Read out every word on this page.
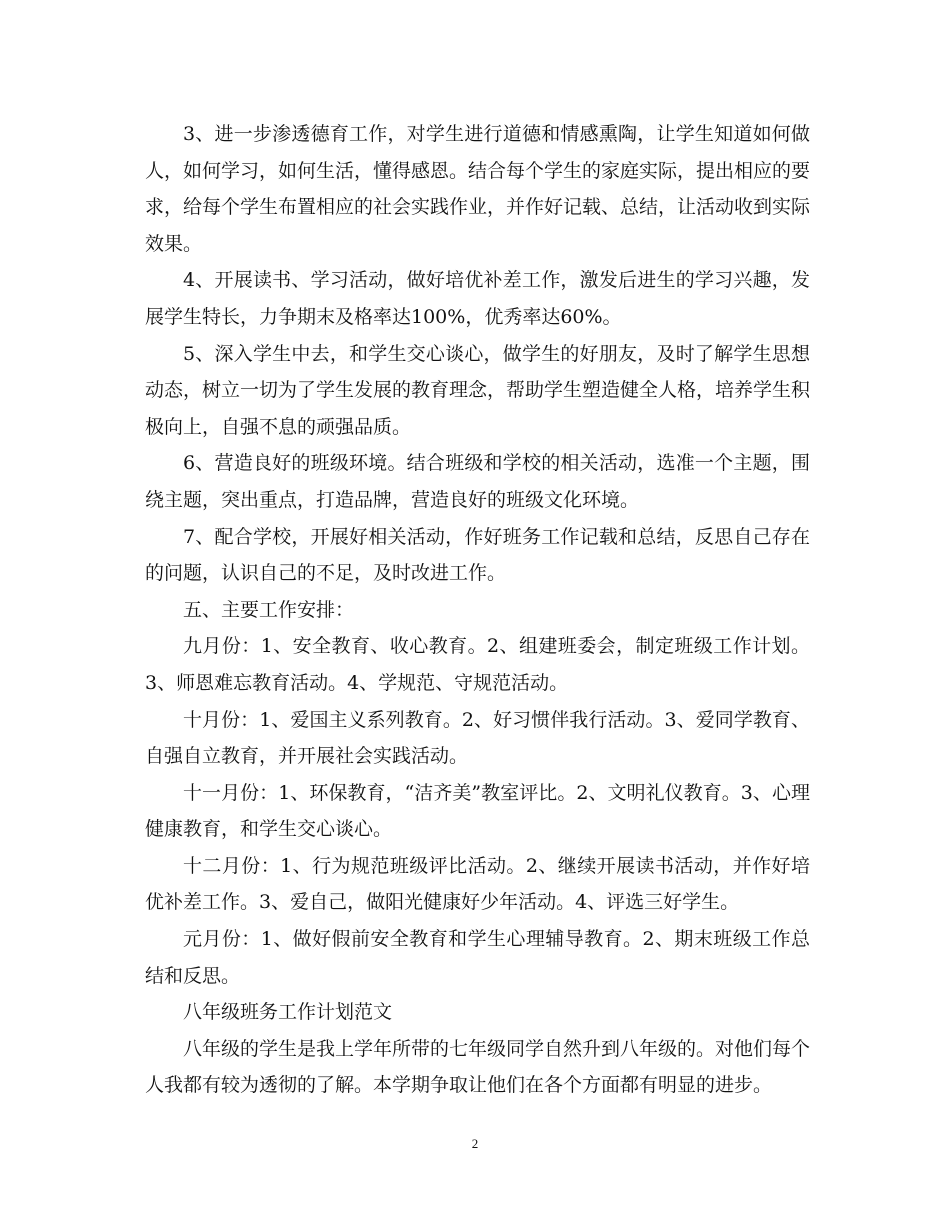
3、进一步渗透德育工作，对学生进行道德和情感熏陶，让学生知道如何做人，如何学习，如何生活，懂得感恩。结合每个学生的家庭实际，提出相应的要求，给每个学生布置相应的社会实践作业，并作好记载、总结，让活动收到实际效果。

4、开展读书、学习活动，做好培优补差工作，激发后进生的学习兴趣，发展学生特长，力争期末及格率达100%，优秀率达60%。

5、深入学生中去，和学生交心谈心，做学生的好朋友，及时了解学生思想动态，树立一切为了学生发展的教育理念，帮助学生塑造健全人格，培养学生积极向上，自强不息的顽强品质。

6、营造良好的班级环境。结合班级和学校的相关活动，选准一个主题，围绕主题，突出重点，打造品牌，营造良好的班级文化环境。

7、配合学校，开展好相关活动，作好班务工作记载和总结，反思自己存在的问题，认识自己的不足，及时改进工作。

五、主要工作安排：

九月份：1、安全教育、收心教育。2、组建班委会，制定班级工作计划。3、师恩难忘教育活动。4、学规范、守规范活动。

十月份：1、爱国主义系列教育。2、好习惯伴我行活动。3、爱同学教育、自强自立教育，并开展社会实践活动。

十一月份：1、环保教育，“洁齐美”教室评比。2、文明礼仪教育。3、心理健康教育，和学生交心谈心。

十二月份：1、行为规范班级评比活动。2、继续开展读书活动，并作好培优补差工作。3、爱自己，做阳光健康好少年活动。4、评选三好学生。

元月份：1、做好假前安全教育和学生心理辅导教育。2、期末班级工作总结和反思。

八年级班务工作计划范文

八年级的学生是我上学年所带的七年级同学自然升到八年级的。对他们每个人我都有较为透彻的了解。本学期争取让他们在各个方面都有明显的进步。

2
